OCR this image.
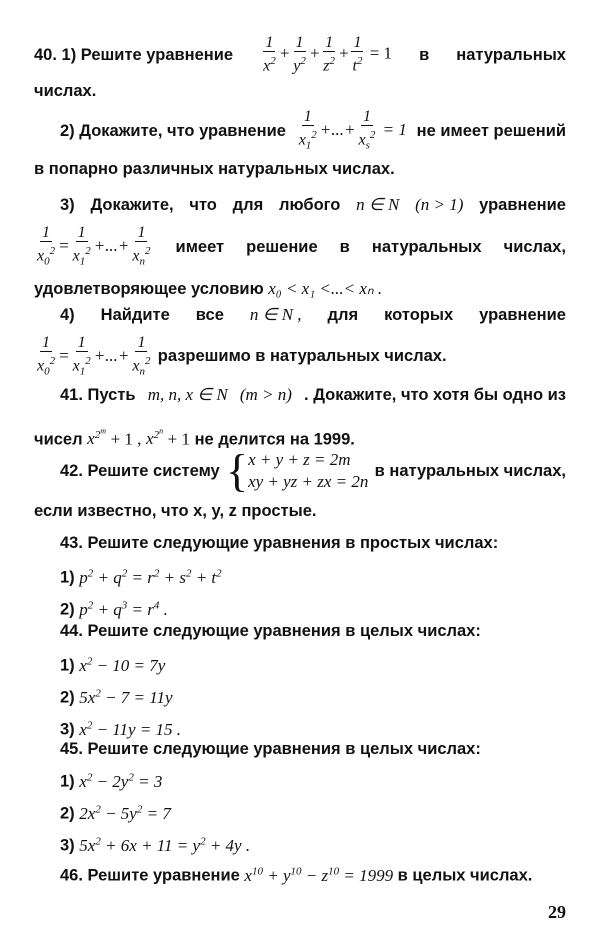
40. 1) Решите уравнение $\frac{1}{x^2} + \frac{1}{y^2} + \frac{1}{z^2} + \frac{1}{t^2} = 1$ в натуральных
числах.
2) Докажите, что уравнение $\frac{1}{x_1^2}$ +...+ $\frac{1}{x_s^2} = 1$ не имеет решений
в попарно различных натуральных числах.
3) Докажите, что для любого n ∈ N (n > 1) уравнение
$\frac{1}{x_0^2} = \frac{1}{x_1^2}$ +...+ $\frac{1}{x_n^2}$ имеет решение в натуральных числах,
удовлетворяющее условию x₀ < x₁ <...< xₙ .
4) Найдите все n ∈ N , для которых уравнение
$\frac{1}{x_0^2} = \frac{1}{x_1^2}$ +...+ $\frac{1}{x_n^2}$ разрешимо в натуральных числах.
41. Пусть m, n, x ∈ N (m > n) . Докажите, что хотя бы одно из
чисел $x^{2^m} + 1$ , $x^{2^n} + 1$ не делится на 1999.
42. Решите систему { x + y + z = 2m
xy + yz + zx = 2n
в натуральных числах,
если известно, что x, y, z простые.
43. Решите следующие уравнения в простых числах:
1) $p^2 + q^2 = r^2 + s^2 + t^2$
2) $p^2 + q^3 = r^4$ .
44. Решите следующие уравнения в целых числах:
1) $x^2 - 10 = 7y$
2) $5x^2 - 7 = 11y$
3) $x^2 - 11y = 15$ .
45. Решите следующие уравнения в целых числах:
1) $x^2 - 2y^2 = 3$
2) $2x^2 - 5y^2 = 7$
3) $5x^2 + 6x + 11 = y^2 + 4y$ .
46. Решите уравнение $x^{10} + y^{10} - z^{10} = 1999$ в целых числах.
29
